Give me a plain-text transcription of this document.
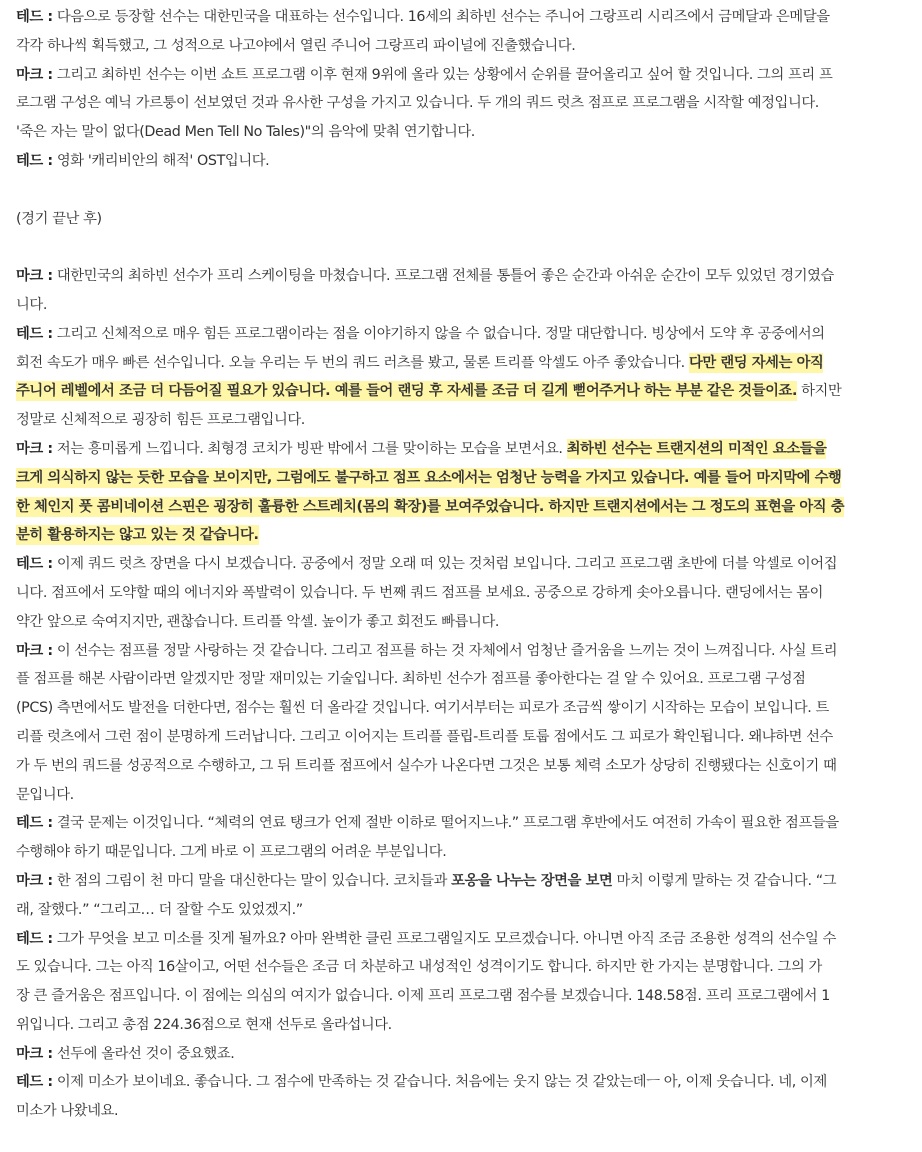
테드 : 다음으로 등장할 선수는 대한민국을 대표하는 선수입니다. 16세의 최하빈 선수는 주니어 그랑프리 시리즈에서 금메달과 은메달을
각각 하나씩 획득했고, 그 성적으로 나고야에서 열린 주니어 그랑프리 파이널에 진출했습니다.
마크 : 그리고 최하빈 선수는 이번 쇼트 프로그램 이후 현재 9위에 올라 있는 상황에서 순위를 끌어올리고 싶어 할 것입니다. 그의 프리 프
로그램 구성은 예닉 가르퉁이 선보였던 것과 유사한 구성을 가지고 있습니다. 두 개의 쿼드 럿츠 점프로 프로그램을 시작할 예정입니다.
'죽은 자는 말이 없다(Dead Men Tell No Tales)"의 음악에 맞춰 연기합니다.
테드 : 영화 '캐리비안의 해적' OST입니다.
(경기 끝난 후)
마크 : 대한민국의 최하빈 선수가 프리 스케이팅을 마쳤습니다. 프로그램 전체를 통틀어 좋은 순간과 아쉬운 순간이 모두 있었던 경기였습
니다.
테드 : 그리고 신체적으로 매우 힘든 프로그램이라는 점을 이야기하지 않을 수 없습니다. 정말 대단합니다. 빙상에서 도약 후 공중에서의
회전 속도가 매우 빠른 선수입니다. 오늘 우리는 두 번의 쿼드 러츠를 봤고, 물론 트리플 악셀도 아주 좋았습니다. 다만 랜딩 자세는 아직
주니어 레벨에서 조금 더 다듬어질 필요가 있습니다. 예를 들어 랜딩 후 자세를 조금 더 길게 뻗어주거나 하는 부분 같은 것들이죠. 하지만
정말로 신체적으로 굉장히 힘든 프로그램입니다.
마크 : 저는 흥미롭게 느낍니다. 최형경 코치가 빙판 밖에서 그를 맞이하는 모습을 보면서요. 최하빈 선수는 트랜지션의 미적인 요소들을
크게 의식하지 않는 듯한 모습을 보이지만, 그럼에도 불구하고 점프 요소에서는 엄청난 능력을 가지고 있습니다. 예를 들어 마지막에 수행
한 체인지 풋 콤비네이션 스핀은 굉장히 훌륭한 스트레치(몸의 확장)를 보여주었습니다. 하지만 트랜지션에서는 그 정도의 표현을 아직 충
분히 활용하지는 않고 있는 것 같습니다.
테드 : 이제 쿼드 럿츠 장면을 다시 보겠습니다. 공중에서 정말 오래 떠 있는 것처럼 보입니다. 그리고 프로그램 초반에 더블 악셀로 이어집
니다. 점프에서 도약할 때의 에너지와 폭발력이 있습니다. 두 번째 쿼드 점프를 보세요. 공중으로 강하게 솟아오릅니다. 랜딩에서는 몸이
약간 앞으로 숙여지지만, 괜찮습니다. 트리플 악셀. 높이가 좋고 회전도 빠릅니다.
마크 : 이 선수는 점프를 정말 사랑하는 것 같습니다. 그리고 점프를 하는 것 자체에서 엄청난 즐거움을 느끼는 것이 느껴집니다. 사실 트리
플 점프를 해본 사람이라면 알겠지만 정말 재미있는 기술입니다. 최하빈 선수가 점프를 좋아한다는 걸 알 수 있어요. 프로그램 구성점
(PCS) 측면에서도 발전을 더한다면, 점수는 훨씬 더 올라갈 것입니다. 여기서부터는 피로가 조금씩 쌓이기 시작하는 모습이 보입니다. 트
리플 럿츠에서 그런 점이 분명하게 드러납니다. 그리고 이어지는 트리플 플립-트리플 토룹 점에서도 그 피로가 확인됩니다. 왜냐하면 선수
가 두 번의 쿼드를 성공적으로 수행하고, 그 뒤 트리플 점프에서 실수가 나온다면 그것은 보통 체력 소모가 상당히 진행됐다는 신호이기 때
문입니다.
테드 : 결국 문제는 이것입니다. “체력의 연료 탱크가 언제 절반 이하로 떨어지느냐.” 프로그램 후반에서도 여전히 가속이 필요한 점프들을
수행해야 하기 때문입니다. 그게 바로 이 프로그램의 어려운 부분입니다.
마크 : 한 점의 그림이 천 마디 말을 대신한다는 말이 있습니다. 코치들과 포옹을 나누는 장면을 보면 마치 이렇게 말하는 것 같습니다. “그
래, 잘했다.” “그리고… 더 잘할 수도 있었겠지.”
테드 : 그가 무엇을 보고 미소를 짓게 될까요? 아마 완벽한 클린 프로그램일지도 모르겠습니다. 아니면 아직 조금 조용한 성격의 선수일 수
도 있습니다. 그는 아직 16살이고, 어떤 선수들은 조금 더 차분하고 내성적인 성격이기도 합니다. 하지만 한 가지는 분명합니다. 그의 가
장 큰 즐거움은 점프입니다. 이 점에는 의심의 여지가 없습니다. 이제 프리 프로그램 점수를 보겠습니다. 148.58점. 프리 프로그램에서 1
위입니다. 그리고 총점 224.36점으로 현재 선두로 올라섭니다.
마크 : 선두에 올라선 것이 중요했죠.
테드 : 이제 미소가 보이네요. 좋습니다. 그 점수에 만족하는 것 같습니다. 처음에는 웃지 않는 것 같았는데ㅡ 아, 이제 웃습니다. 네, 이제
미소가 나왔네요.
